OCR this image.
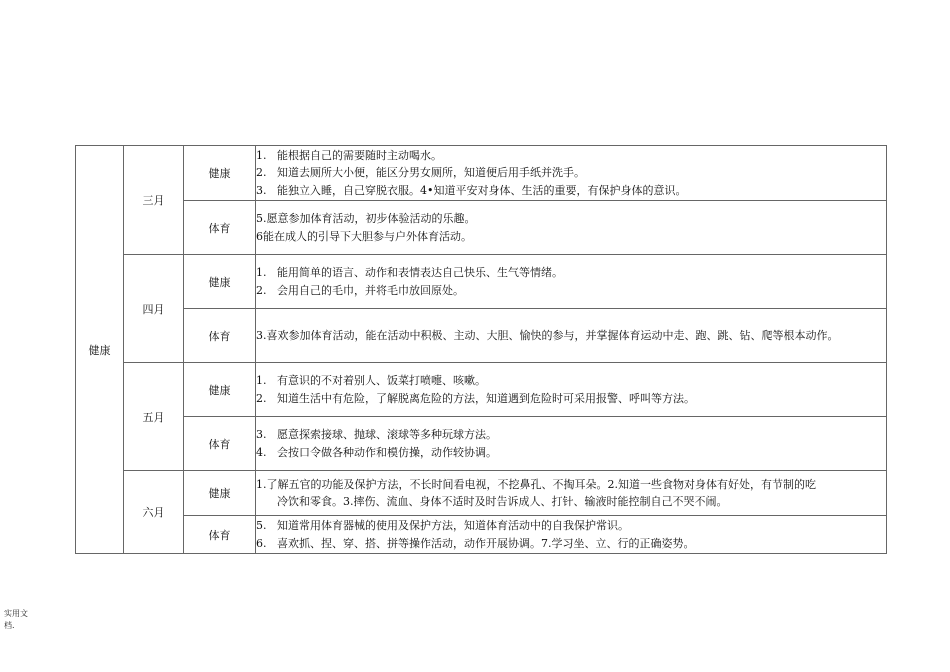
健康	三月	健康	1. 能根据自己的需要随时主动喝水。
2. 知道去厕所大小便，能区分男女厕所，知道便后用手纸并洗手。
3. 能独立入睡，自己穿脱衣服。4•知道平安对身体、生活的重要，有保护身体的意识。

		体育	5.愿意参加体育活动，初步体验活动的乐趣。
6能在成人的引导下大胆参与户外体育活动。

	四月	健康	1. 能用简单的语言、动作和表情表达自己快乐、生气等情绪。
2. 会用自己的毛巾，并将毛巾放回原处。

		体育	3.喜欢参加体育活动，能在活动中积极、主动、大胆、愉快的参与，并掌握体育运动中走、跑、跳、钻、爬等根本动作。

	五月	健康	1. 有意识的不对着别人、饭菜打喷嚏、咳嗽。
2. 知道生活中有危险，了解脱离危险的方法，知道遇到危险时可采用报警、呼叫等方法。

		体育	3. 愿意探索接球、抛球、滚球等多种玩球方法。
4. 会按口令做各种动作和模仿操，动作较协调。

	六月	健康	1.了解五官的功能及保护方法，不长时间看电视，不挖鼻孔、不掏耳朵。2.知道一些食物对身体有好处，有节制的吃
冷饮和零食。3.摔伤、流血、身体不适时及时告诉成人、打针、输液时能控制自己不哭不闹。

		体育	5. 知道常用体育器械的使用及保护方法，知道体育活动中的自我保护常识。
6. 喜欢抓、捏、穿、搭、拼等操作活动，动作开展协调。7.学习坐、立、行的正确姿势。
实用文
档.
